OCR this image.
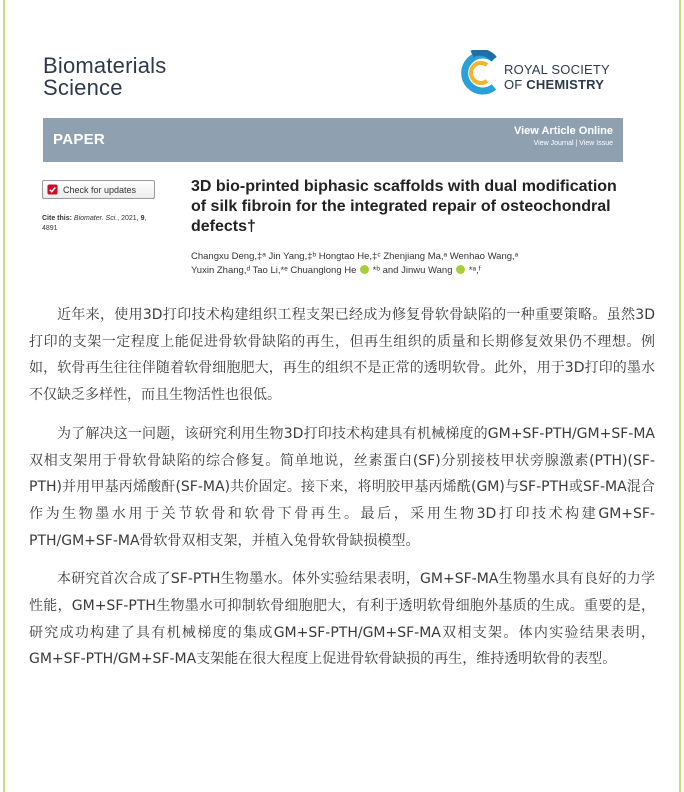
Biomaterials
Science
ROYAL SOCIETY
OF CHEMISTRY
PAPER	View Article Online
View Journal | View Issue
Check for updates
Cite this: Biomater. Sci., 2021, 9,
4891
3D bio-printed biphasic scaffolds with dual modification of silk fibroin for the integrated repair of osteochondral defects†
Changxu Deng,‡ᵃ Jin Yang,‡ᵇ Hongtao He,‡ᶜ Zhenjiang Ma,ᵃ Wenhao Wang,ᵃ
Yuxin Zhang,ᵈ Tao Li,*ᵉ Chuanglong He  *ᵇ and Jinwu Wang  *ᵃ,ᶠ

近年来，使用3D打印技术构建组织工程支架已经成为修复骨软骨缺陷的一种重要策略。虽然3D打印的支架一定程度上能促进骨软骨缺陷的再生，但再生组织的质量和长期修复效果仍不理想。例如，软骨再生往往伴随着软骨细胞肥大，再生的组织不是正常的透明软骨。此外，用于3D打印的墨水不仅缺乏多样性，而且生物活性也很低。

为了解决这一问题，该研究利用生物3D打印技术构建具有机械梯度的GM+SF-PTH/GM+SF-MA双相支架用于骨软骨缺陷的综合修复。简单地说，丝素蛋白(SF)分别接枝甲状旁腺激素(PTH)(SF-PTH)并用甲基丙烯酸酐(SF-MA)共价固定。接下来，将明胶甲基丙烯酰(GM)与SF-PTH或SF-MA混合作为生物墨水用于关节软骨和软骨下骨再生。最后，采用生物3D打印技术构建GM+SF-PTH/GM+SF-MA骨软骨双相支架，并植入兔骨软骨缺损模型。

本研究首次合成了SF-PTH生物墨水。体外实验结果表明，GM+SF-MA生物墨水具有良好的力学性能，GM+SF-PTH生物墨水可抑制软骨细胞肥大，有利于透明软骨细胞外基质的生成。重要的是，研究成功构建了具有机械梯度的集成GM+SF-PTH/GM+SF-MA双相支架。体内实验结果表明，GM+SF-PTH/GM+SF-MA支架能在很大程度上促进骨软骨缺损的再生，维持透明软骨的表型。
